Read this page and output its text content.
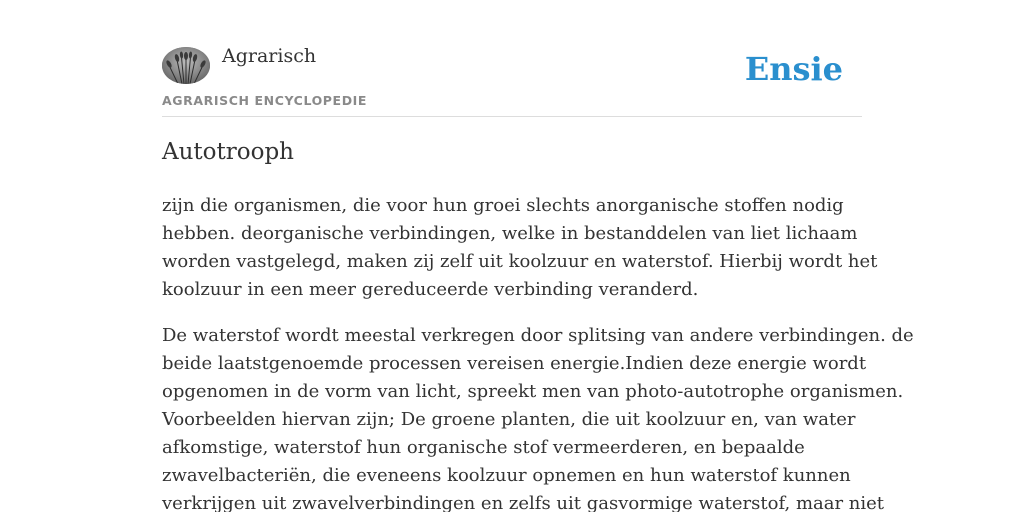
Agrarisch
AGRARISCH ENCYCLOPEDIE
Ensie
Autotrooph

zijn die organismen, die voor hun groei slechts anorganische stoffen nodig
hebben. deorganische verbindingen, welke in bestanddelen van liet lichaam
worden vastgelegd, maken zij zelf uit koolzuur en waterstof. Hierbij wordt het
koolzuur in een meer gereduceerde verbinding veranderd.

De waterstof wordt meestal verkregen door splitsing van andere verbindingen. de
beide laatstgenoemde processen vereisen energie.Indien deze energie wordt
opgenomen in de vorm van licht, spreekt men van photo-autotrophe organismen.
Voorbeelden hiervan zijn; De groene planten, die uit koolzuur en, van water
afkomstige, waterstof hun organische stof vermeerderen, en bepaalde
zwavelbacteriën, die eveneens koolzuur opnemen en hun waterstof kunnen
verkrijgen uit zwavelverbindingen en zelfs uit gasvormige waterstof, maar niet
